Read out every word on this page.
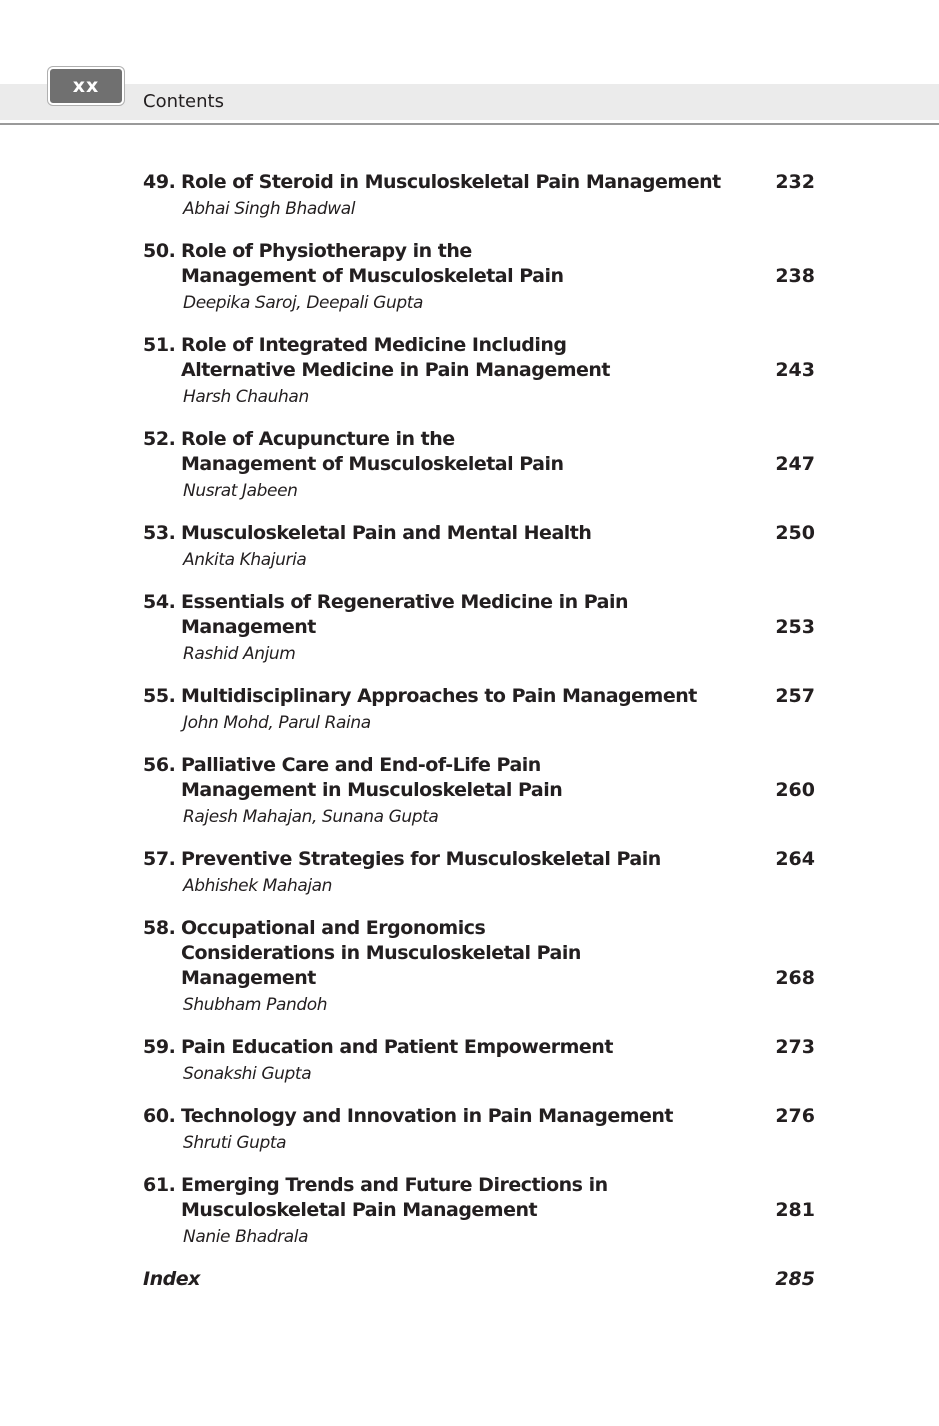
xx
Contents
49. Role of Steroid in Musculoskeletal Pain Management	232
Abhai Singh Bhadwal
50. Role of Physiotherapy in the Management of Musculoskeletal Pain	238
Deepika Saroj, Deepali Gupta
51. Role of Integrated Medicine Including Alternative Medicine in Pain Management	243
Harsh Chauhan
52. Role of Acupuncture in the Management of Musculoskeletal Pain	247
Nusrat Jabeen
53. Musculoskeletal Pain and Mental Health	250
Ankita Khajuria
54. Essentials of Regenerative Medicine in Pain Management	253
Rashid Anjum
55. Multidisciplinary Approaches to Pain Management	257
John Mohd, Parul Raina
56. Palliative Care and End-of-Life Pain Management in Musculoskeletal Pain	260
Rajesh Mahajan, Sunana Gupta
57. Preventive Strategies for Musculoskeletal Pain	264
Abhishek Mahajan
58. Occupational and Ergonomics Considerations in Musculoskeletal Pain Management	268
Shubham Pandoh
59. Pain Education and Patient Empowerment	273
Sonakshi Gupta
60. Technology and Innovation in Pain Management	276
Shruti Gupta
61. Emerging Trends and Future Directions in Musculoskeletal Pain Management	281
Nanie Bhadrala
Index	285
